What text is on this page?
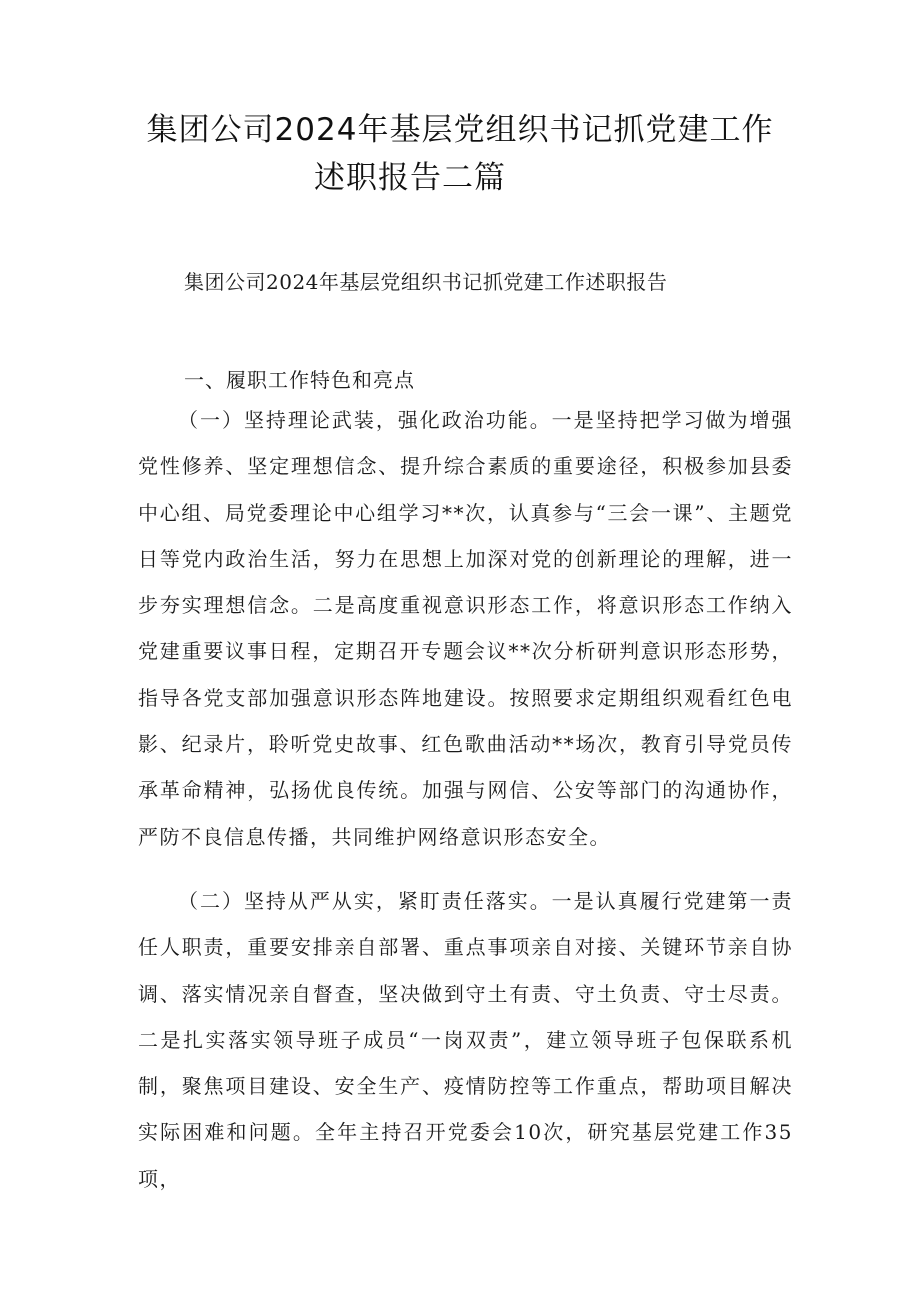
集团公司2024年基层党组织书记抓党建工作
述职报告二篇
集团公司2024年基层党组织书记抓党建工作述职报告
一、履职工作特色和亮点
（一）坚持理论武装，强化政治功能。一是坚持把学习做为增强党性修养、坚定理想信念、提升综合素质的重要途径，积极参加县委中心组、局党委理论中心组学习**次，认真参与“三会一课”、主题党日等党内政治生活，努力在思想上加深对党的创新理论的理解，进一步夯实理想信念。二是高度重视意识形态工作，将意识形态工作纳入党建重要议事日程，定期召开专题会议**次分析研判意识形态形势，指导各党支部加强意识形态阵地建设。按照要求定期组织观看红色电影、纪录片，聆听党史故事、红色歌曲活动**场次，教育引导党员传承革命精神，弘扬优良传统。加强与网信、公安等部门的沟通协作，严防不良信息传播，共同维护网络意识形态安全。
（二）坚持从严从实，紧盯责任落实。一是认真履行党建第一责任人职责，重要安排亲自部署、重点事项亲自对接、关键环节亲自协调、落实情况亲自督查，坚决做到守土有责、守土负责、守士尽责。二是扎实落实领导班子成员“一岗双责”，建立领导班子包保联系机制，聚焦项目建设、安全生产、疫情防控等工作重点，帮助项目解决实际困难和问题。全年主持召开党委会10次，研究基层党建工作35项，
